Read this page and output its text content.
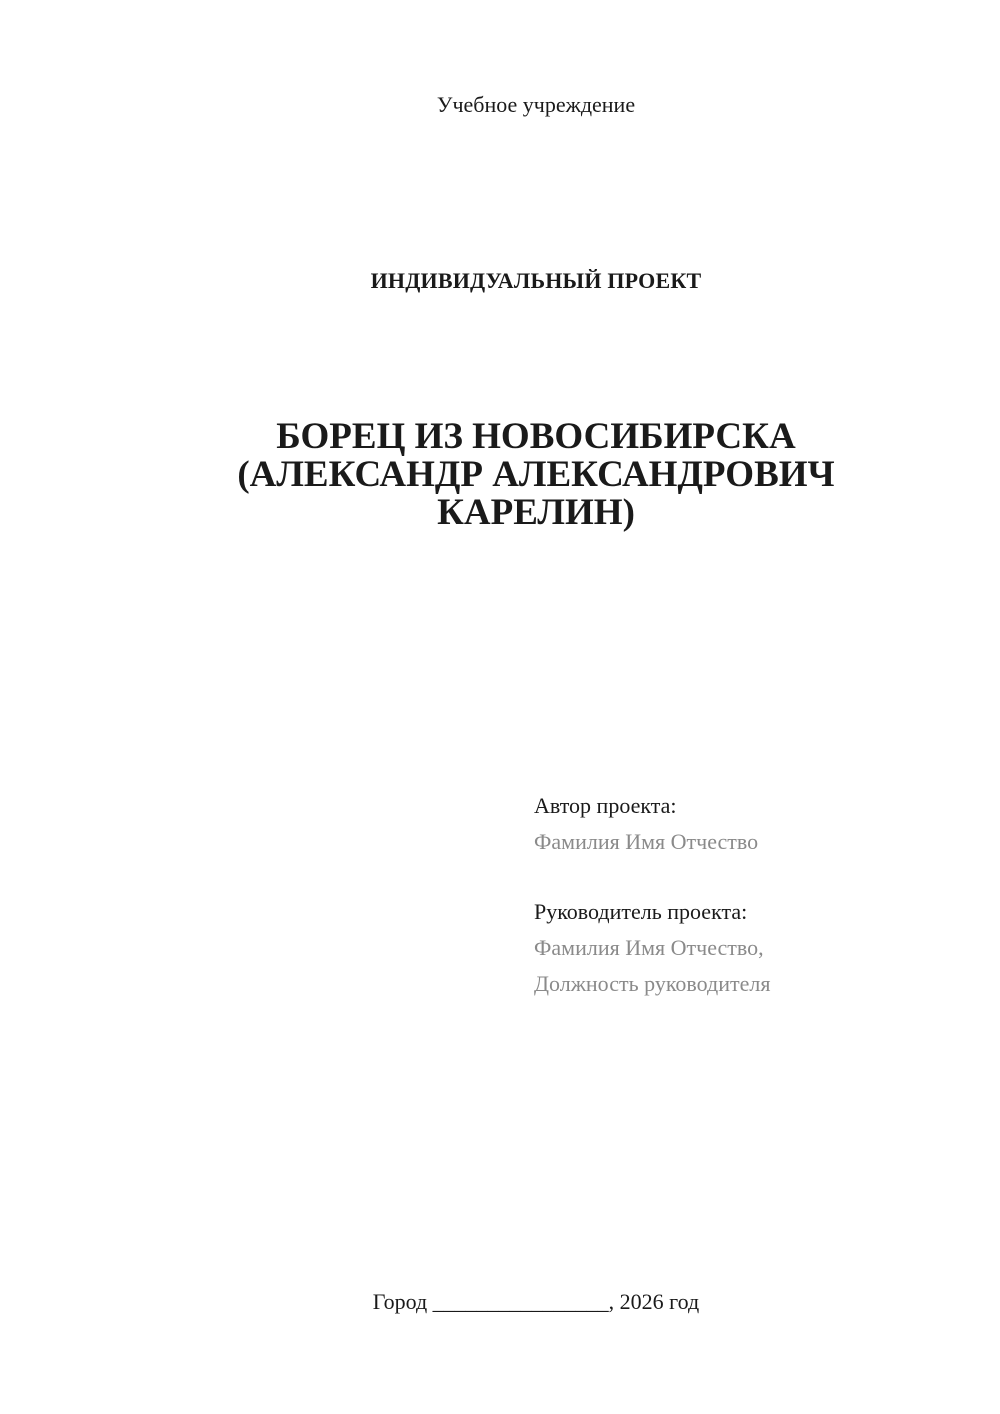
Учебное учреждение
ИНДИВИДУАЛЬНЫЙ ПРОЕКТ
БОРЕЦ ИЗ НОВОСИБИРСКА
(АЛЕКСАНДР АЛЕКСАНДРОВИЧ
КАРЕЛИН)
Автор проекта:
Фамилия Имя Отчество
Руководитель проекта:
Фамилия Имя Отчество,
Должность руководителя
Город ________________, 2026 год
